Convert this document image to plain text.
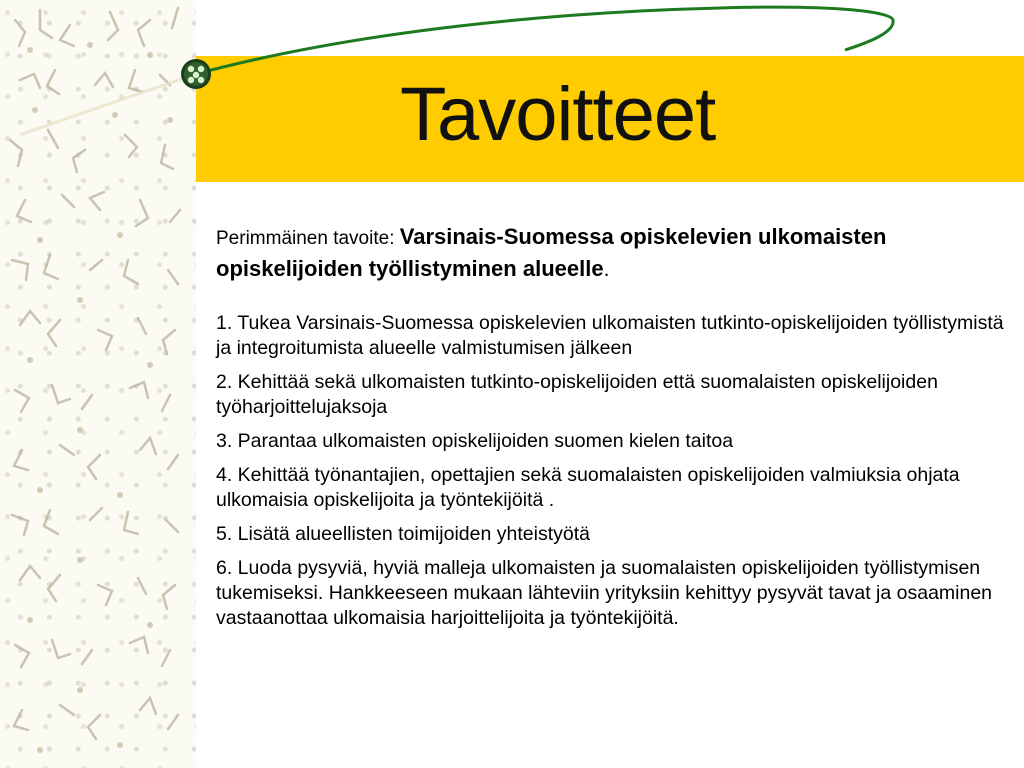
Tavoitteet

Perimmäinen tavoite: Varsinais-Suomessa opiskelevien ulkomaisten opiskelijoiden työllistyminen alueelle.

1. Tukea Varsinais-Suomessa opiskelevien ulkomaisten tutkinto-opiskelijoiden työllistymistä ja integroitumista alueelle valmistumisen jälkeen

2. Kehittää sekä ulkomaisten tutkinto-opiskelijoiden että suomalaisten opiskelijoiden työharjoittelujaksoja

3. Parantaa ulkomaisten opiskelijoiden suomen kielen taitoa

4. Kehittää työnantajien, opettajien sekä suomalaisten opiskelijoiden valmiuksia ohjata ulkomaisia opiskelijoita ja työntekijöitä .

5. Lisätä alueellisten toimijoiden yhteistyötä

6. Luoda pysyviä, hyviä malleja ulkomaisten ja suomalaisten opiskelijoiden työllistymisen tukemiseksi. Hankkeeseen mukaan lähteviin yrityksiin kehittyy pysyvät tavat ja osaaminen vastaanottaa ulkomaisia harjoittelijoita ja työntekijöitä.
